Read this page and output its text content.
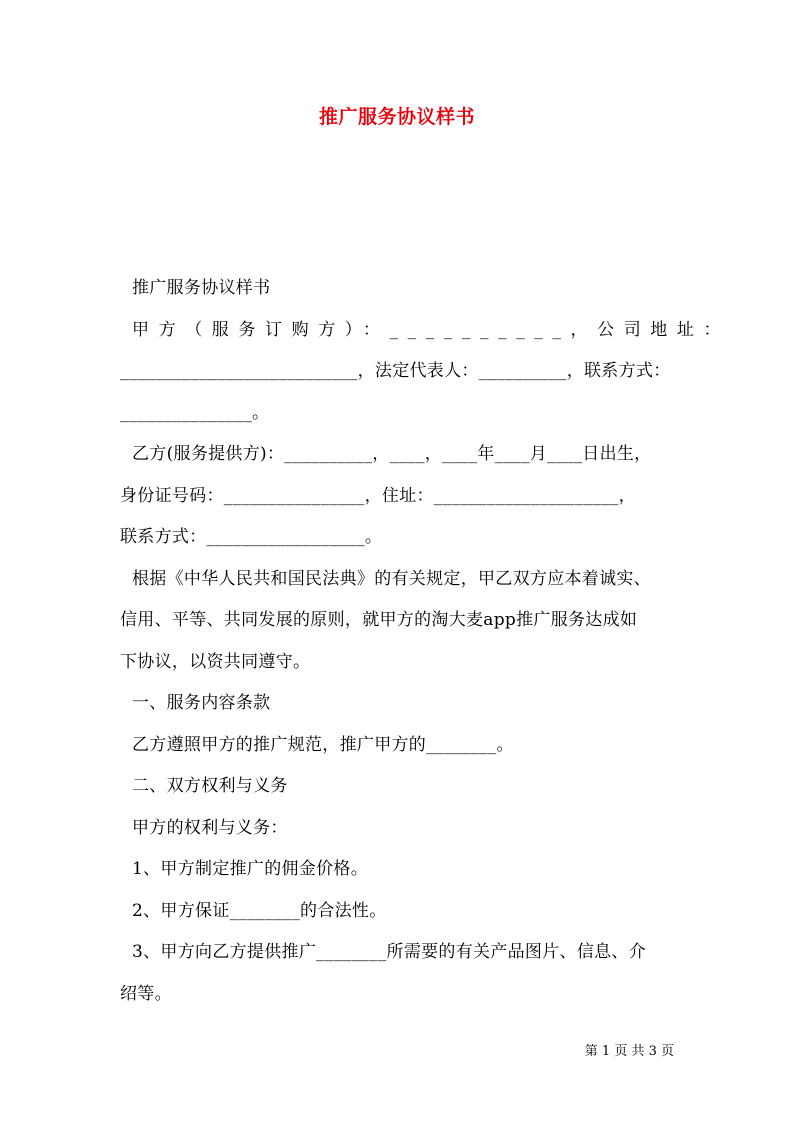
推广服务协议样书
推广服务协议样书
甲方（服务订购方）：__________，公司地址：
___________________________，法定代表人：__________，联系方式：
_______________。
乙方(服务提供方)：__________，____，____年____月____日出生，
身份证号码：________________，住址：_____________________，
联系方式：__________________。
根据《中华人民共和国民法典》的有关规定，甲乙双方应本着诚实、
信用、平等、共同发展的原则，就甲方的淘大麦app推广服务达成如
下协议，以资共同遵守。
一、服务内容条款
乙方遵照甲方的推广规范，推广甲方的________。
二、双方权利与义务
甲方的权利与义务：
1、甲方制定推广的佣金价格。
2、甲方保证________的合法性。
3、甲方向乙方提供推广________所需要的有关产品图片、信息、介
绍等。
第 1 页 共 3 页
